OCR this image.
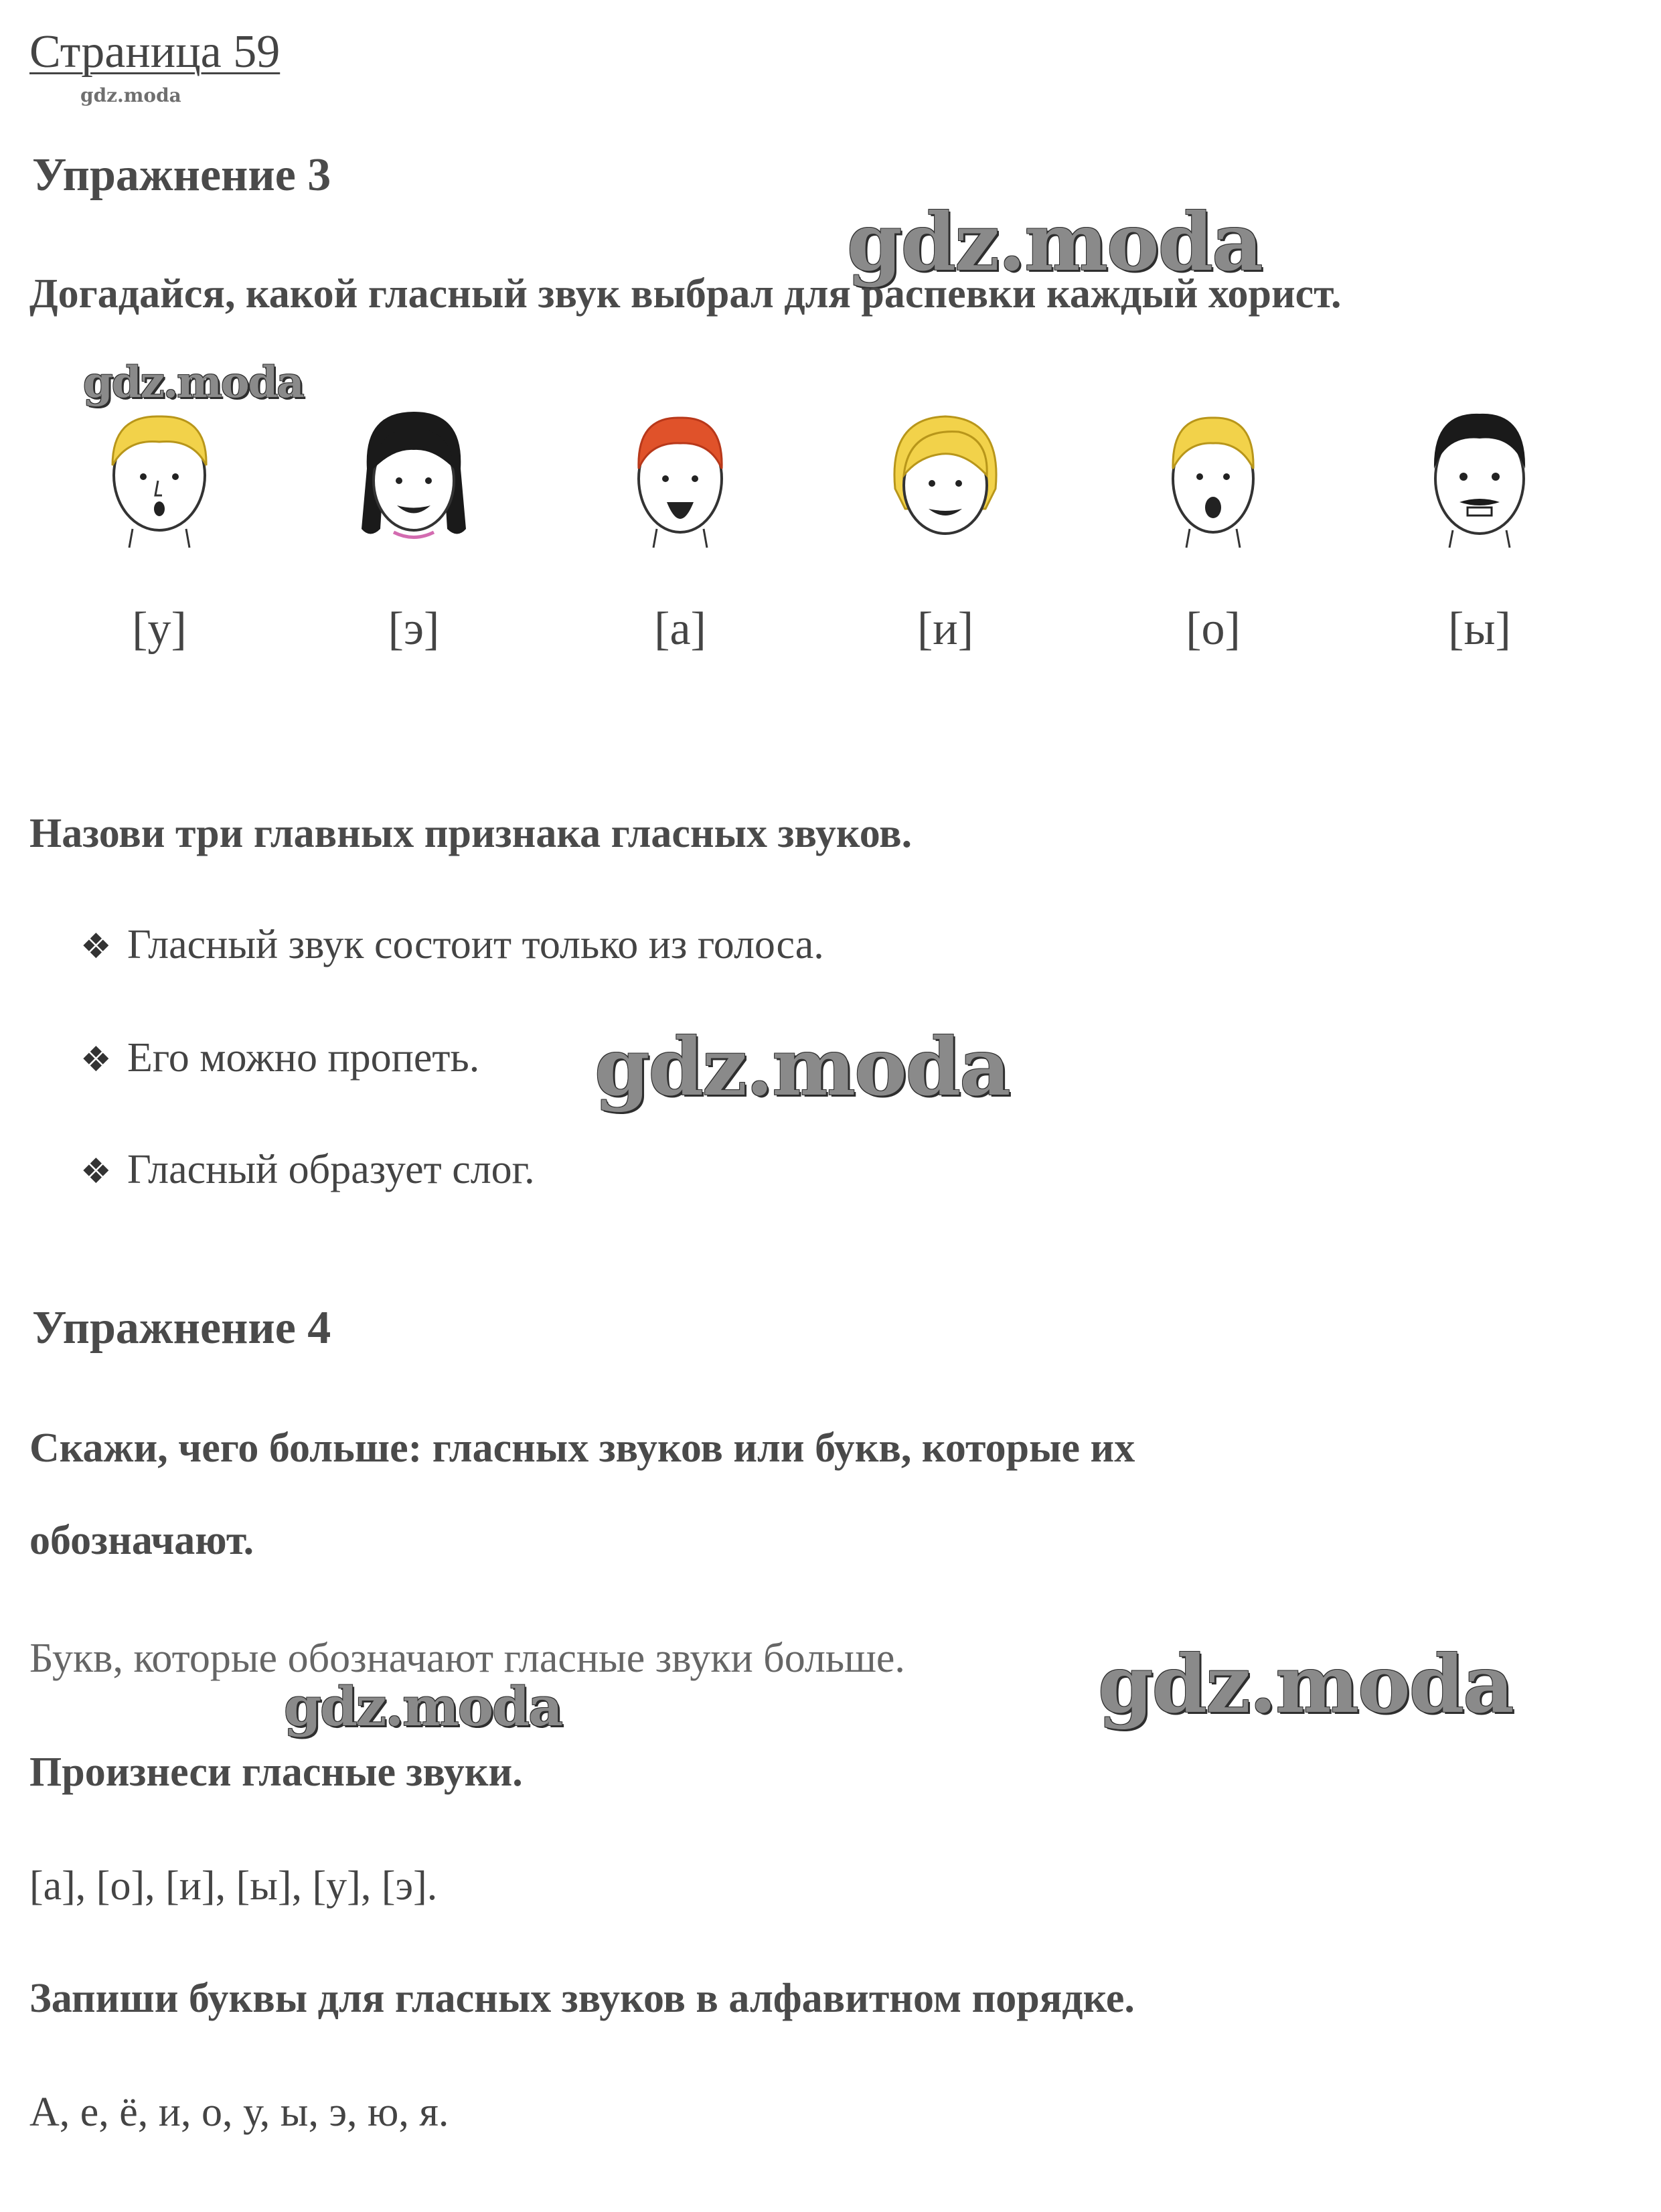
Страница 59
gdz.moda
Упражнение 3
gdz.moda
Догадайся, какой гласный звук выбрал для распевки каждый хорист.
gdz.moda
[у]	[э]	[а]	[и]	[о]	[ы]
Назови три главных признака гласных звуков.
❖ Гласный звук состоит только из голоса.
❖ Его можно пропеть. gdz.moda
❖ Гласный образует слог.
Упражнение 4
Скажи, чего больше: гласных звуков или букв, которые их
обозначают.
Букв, которые обозначают гласные звуки больше. gdz.moda
gdz.moda
Произнеси гласные звуки.
[а], [о], [и], [ы], [у], [э].
Запиши буквы для гласных звуков в алфавитном порядке.
А, е, ё, и, о, у, ы, э, ю, я.
